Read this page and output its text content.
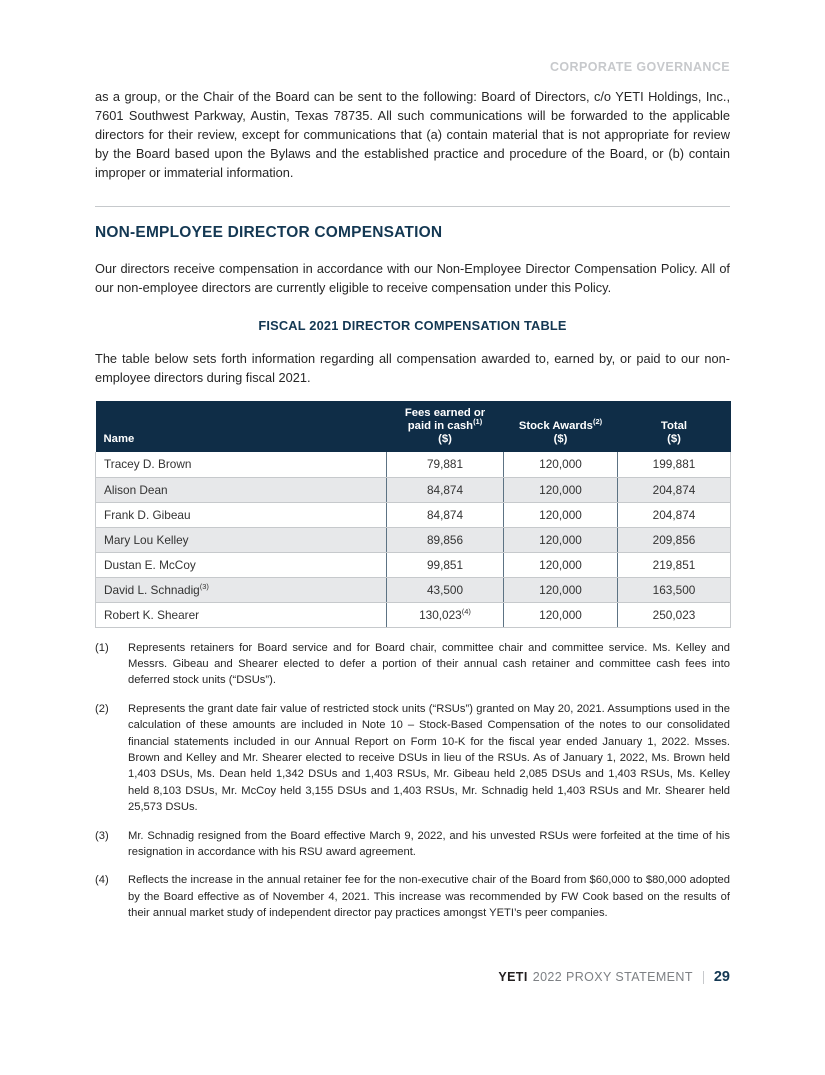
CORPORATE GOVERNANCE

as a group, or the Chair of the Board can be sent to the following: Board of Directors, c/o YETI Holdings, Inc., 7601 Southwest Parkway, Austin, Texas 78735. All such communications will be forwarded to the applicable directors for their review, except for communications that (a) contain material that is not appropriate for review by the Board based upon the Bylaws and the established practice and procedure of the Board, or (b) contain improper or immaterial information.

NON-EMPLOYEE DIRECTOR COMPENSATION

Our directors receive compensation in accordance with our Non-Employee Director Compensation Policy. All of our non-employee directors are currently eligible to receive compensation under this Policy.

FISCAL 2021 DIRECTOR COMPENSATION TABLE

The table below sets forth information regarding all compensation awarded to, earned by, or paid to our non-employee directors during fiscal 2021.

Name

Fees earned or
paid in cash$^{(1)}$
($)

Stock Awards$^{(2)}$
($)

Total
($)

Tracey D. Brown	79,881	120,000	199,881
Alison Dean	84,874	120,000	204,874
Frank D. Gibeau	84,874	120,000	204,874
Mary Lou Kelley	89,856	120,000	209,856
Dustan E. McCoy	99,851	120,000	219,851
David L. Schnadig$^{(3)}$	43,500	120,000	163,500
Robert K. Shearer	130,023$^{(4)}$	120,000	250,023
(1)	Represents retainers for Board service and for Board chair, committee chair and committee service. Ms. Kelley and Messrs. Gibeau and Shearer elected to defer a portion of their annual cash retainer and committee cash fees into deferred stock units (“DSUs”).
(2)	Represents the grant date fair value of restricted stock units (“RSUs”) granted on May 20, 2021. Assumptions used in the calculation of these amounts are included in Note 10 – Stock-Based Compensation of the notes to our consolidated financial statements included in our Annual Report on Form 10-K for the fiscal year ended January 1, 2022. Msses. Brown and Kelley and Mr. Shearer elected to receive DSUs in lieu of the RSUs. As of January 1, 2022, Ms. Brown held 1,403 DSUs, Ms. Dean held 1,342 DSUs and 1,403 RSUs, Mr. Gibeau held 2,085 DSUs and 1,403 RSUs, Ms. Kelley held 8,103 DSUs, Mr. McCoy held 3,155 DSUs and 1,403 RSUs, Mr. Schnadig held 1,403 RSUs and Mr. Shearer held 25,573 DSUs.
(3)	Mr. Schnadig resigned from the Board effective March 9, 2022, and his unvested RSUs were forfeited at the time of his resignation in accordance with his RSU award agreement.
(4)	Reflects the increase in the annual retainer fee for the non-executive chair of the Board from $60,000 to $80,000 adopted by the Board effective as of November 4, 2021. This increase was recommended by FW Cook based on the results of their annual market study of independent director pay practices amongst YETI’s peer companies.
YETI 2022 PROXY STATEMENT 29
